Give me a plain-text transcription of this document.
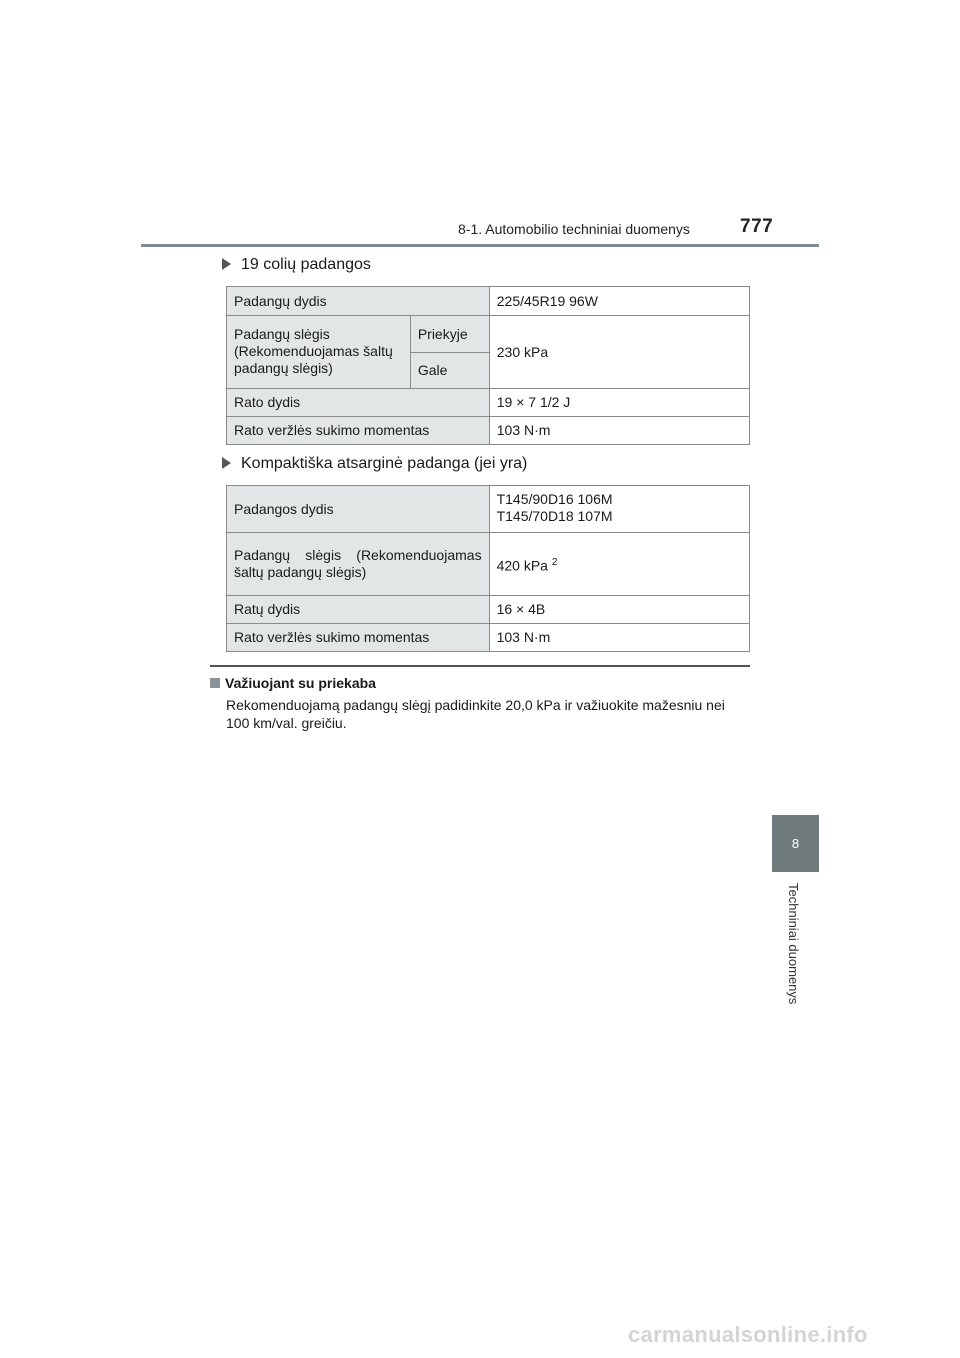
8-1. Automobilio techniniai duomenys	777
19 colių padangos
Padangų dydis		225/45R19 96W
Padangų slėgis (Rekomenduojamas šaltų padangų slėgis)	Priekyje	230 kPa
	Gale	
Rato dydis		19 × 7 1/2 J
Rato veržlės sukimo momentas		103 N·m
Kompaktiška atsarginė padanga (jei yra)
Padangos dydis	T145/90D16 106M
T145/70D18 107M

Padangų slėgis (Rekomenduojamas šaltų padangų slėgis)	420 kPa $^2$
Ratų dydis	16 × 4B
Rato veržlės sukimo momentas	103 N·m
Važiuojant su priekaba
Rekomenduojamą padangų slėgį padidinkite 20,0 kPa ir važiuokite mažesniu nei 100 km/val. greičiu.
8
Techniniai duomenys
carmanualsonline.info
